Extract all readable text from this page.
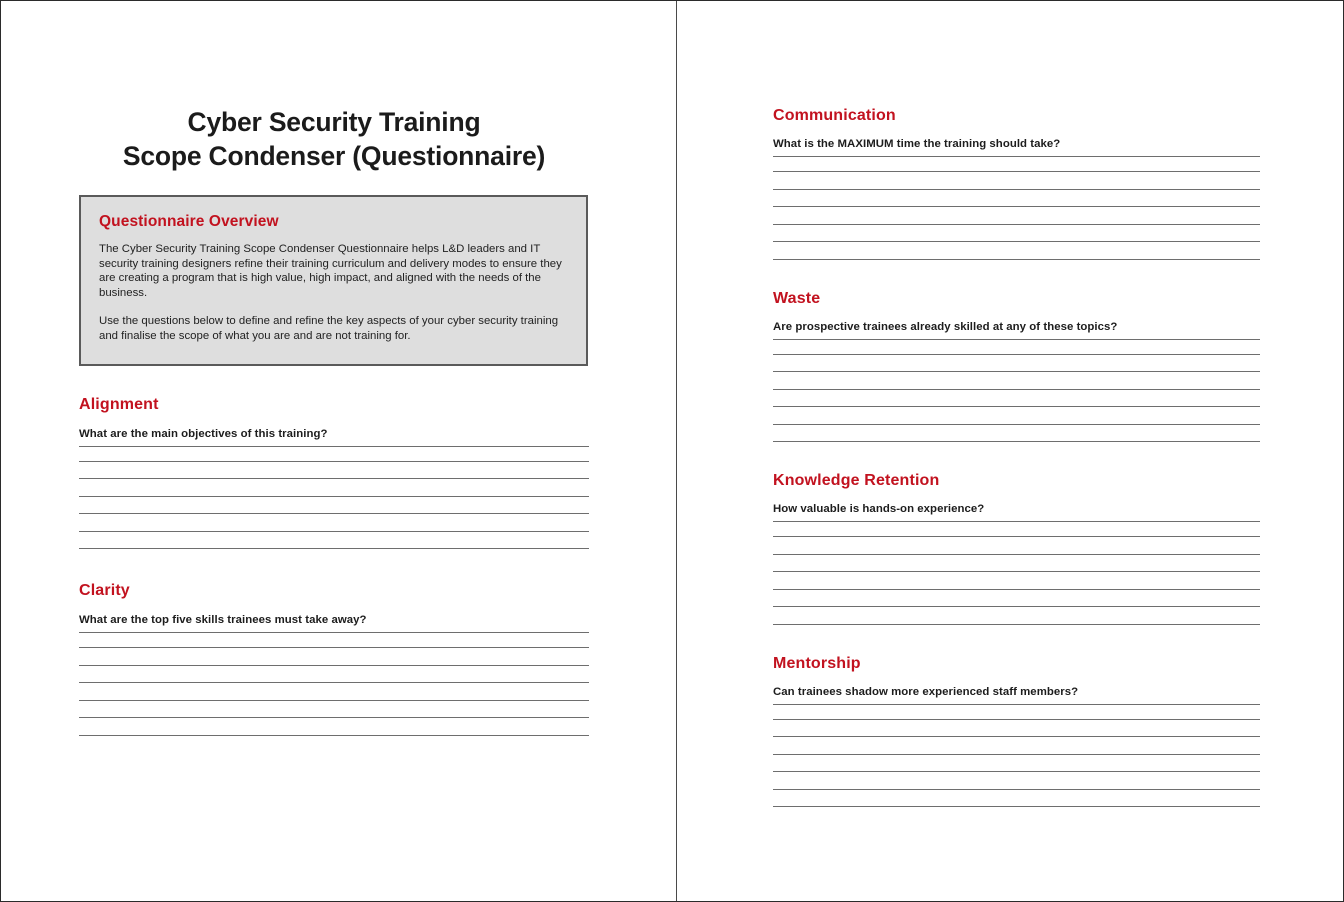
Cyber Security Training
Scope Condenser (Questionnaire)
Questionnaire Overview

The Cyber Security Training Scope Condenser Questionnaire helps L&D leaders and IT security training designers refine their training curriculum and delivery modes to ensure they are creating a program that is high value, high impact, and aligned with the needs of the business.

Use the questions below to define and refine the key aspects of your cyber security training and finalise the scope of what you are and are not training for.

Alignment

What are the main objectives of this training?

Clarity

What are the top five skills trainees must take away?

Communication

What is the MAXIMUM time the training should take?

Waste

Are prospective trainees already skilled at any of these topics?

Knowledge Retention

How valuable is hands-on experience?

Mentorship

Can trainees shadow more experienced staff members?
